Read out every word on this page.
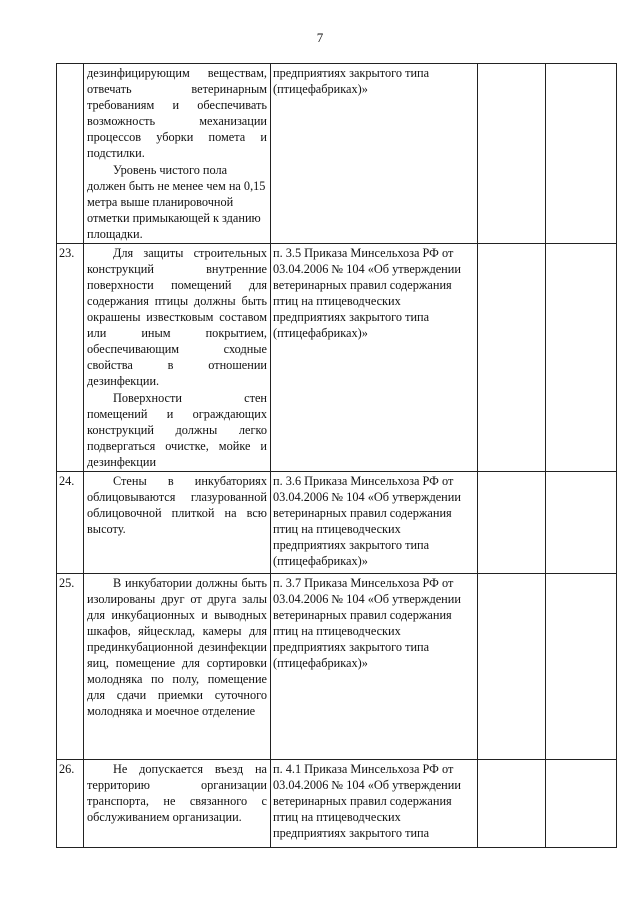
7

	дезинфицирующим веществам, отвечать ветеринарным требованиям и обеспечивать возможность механизации процессов уборки помета и подстилки.

Уровень чистого пола должен быть не менее чем на 0,15 метра выше планировочной отметки примыкающей к зданию площадки.	предприятиях закрытого типа (птицефабриках)»		
23.	Для защиты строительных конструкций внутренние поверхности помещений для содержания птицы должны быть окрашены известковым составом или иным покрытием, обеспечивающим сходные свойства в отношении дезинфекции.

Поверхности стен помещений и ограждающих конструкций должны легко подвергаться очистке, мойке и дезинфекции	п. 3.5 Приказа Минсельхоза РФ от 03.04.2006 № 104 «Об утверждении ветеринарных правил содержания птиц на птицеводческих предприятиях закрытого типа (птицефабриках)»		
24.	Стены в инкубаториях облицовываются глазурованной облицовочной плиткой на всю высоту.	п. 3.6 Приказа Минсельхоза РФ от 03.04.2006 № 104 «Об утверждении ветеринарных правил содержания птиц на птицеводческих предприятиях закрытого типа (птицефабриках)»		
25.	В инкубатории должны быть изолированы друг от друга залы для инкубационных и выводных шкафов, яйцесклад, камеры для прединкубационной дезинфекции яиц, помещение для сортировки молодняка по полу, помещение для сдачи приемки суточного молодняка и моечное отделение	п. 3.7 Приказа Минсельхоза РФ от 03.04.2006 № 104 «Об утверждении ветеринарных правил содержания птиц на птицеводческих предприятиях закрытого типа (птицефабриках)»		
26.	Не допускается въезд на территорию организации транспорта, не связанного с обслуживанием организации.	п. 4.1 Приказа Минсельхоза РФ от 03.04.2006 № 104 «Об утверждении ветеринарных правил содержания птиц на птицеводческих предприятиях закрытого типа		
